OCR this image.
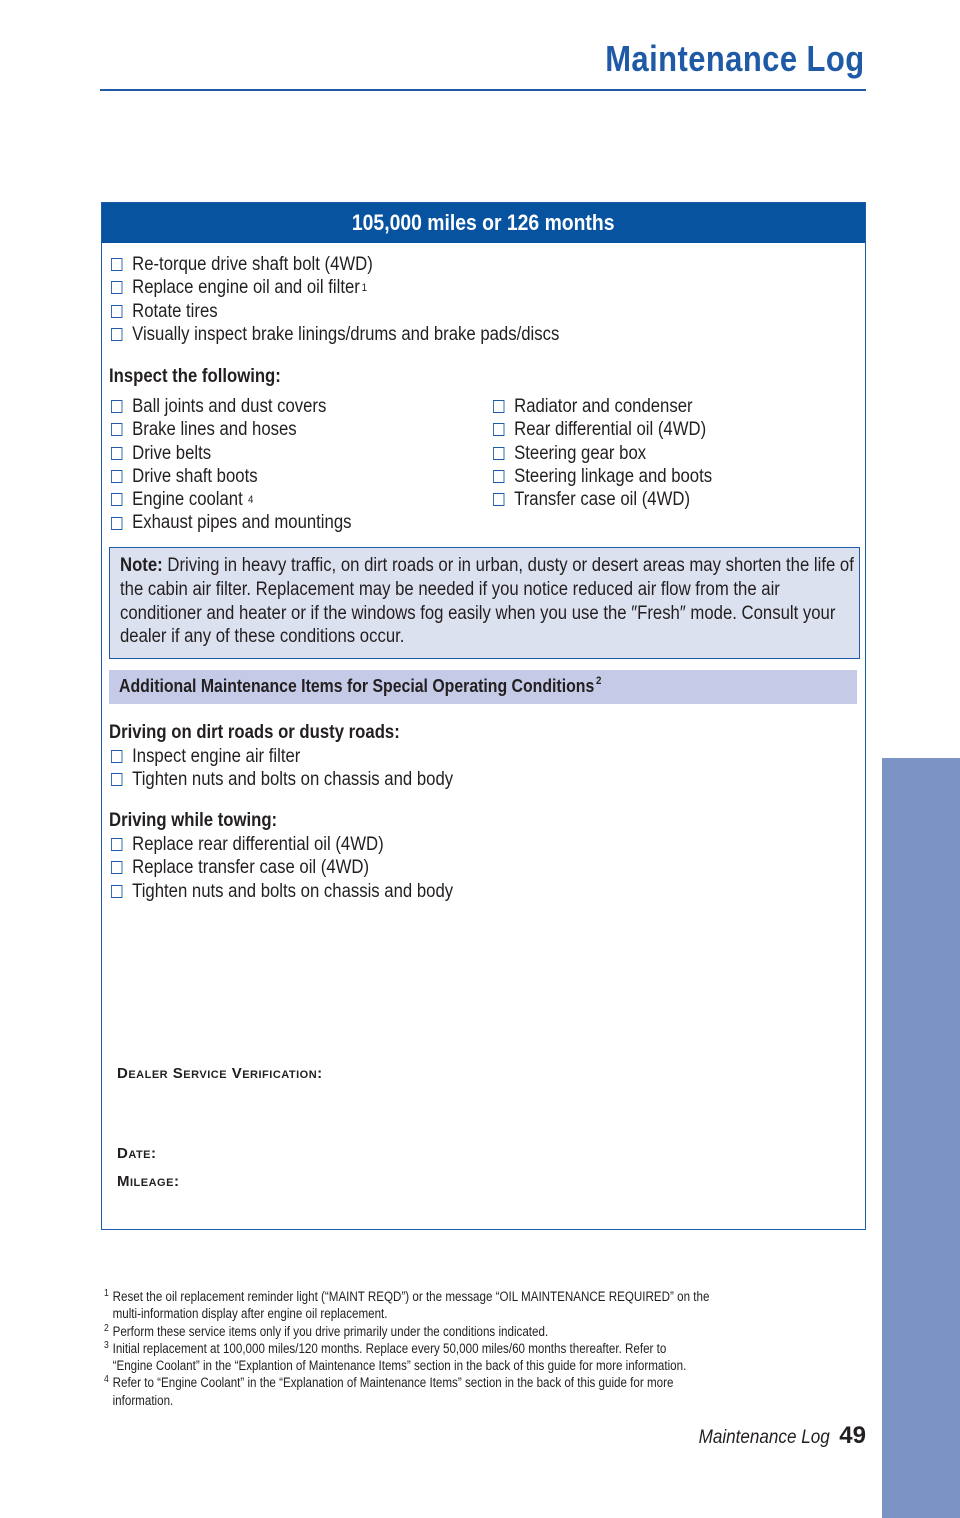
Maintenance Log
105,000 miles or 126 months
Re-torque drive shaft bolt (4WD)
Replace engine oil and oil filter 1
Rotate tires
Visually inspect brake linings/drums and brake pads/discs
Inspect the following:
Ball joints and dust covers
Brake lines and hoses
Drive belts
Drive shaft boots
Engine coolant 4
Exhaust pipes and mountings
Radiator and condenser
Rear differential oil (4WD)
Steering gear box
Steering linkage and boots
Transfer case oil (4WD)
Note: Driving in heavy traffic, on dirt roads or in urban, dusty or desert areas may shorten the life of the cabin air filter. Replacement may be needed if you notice reduced air flow from the air conditioner and heater or if the windows fog easily when you use the ″Fresh″ mode. Consult your dealer if any of these conditions occur.
Additional Maintenance Items for Special Operating Conditions $^2$
Driving on dirt roads or dusty roads:
Inspect engine air filter
Tighten nuts and bolts on chassis and body
Driving while towing:
Replace rear differential oil (4WD)
Replace transfer case oil (4WD)
Tighten nuts and bolts on chassis and body
Dealer Service Verification:
Date:
Mileage:
1 Reset the oil replacement reminder light (“MAINT REQD”) or the message “OIL MAINTENANCE REQUIRED” on the
multi-information display after engine oil replacement.
2 Perform these service items only if you drive primarily under the conditions indicated.
3 Initial replacement at 100,000 miles/120 months. Replace every 50,000 miles/60 months thereafter. Refer to
“Engine Coolant” in the “Explantion of Maintenance Items” section in the back of this guide for more information.
4 Refer to “Engine Coolant” in the “Explanation of Maintenance Items” section in the back of this guide for more
information.
Maintenance Log 49
MAINTENANCE
